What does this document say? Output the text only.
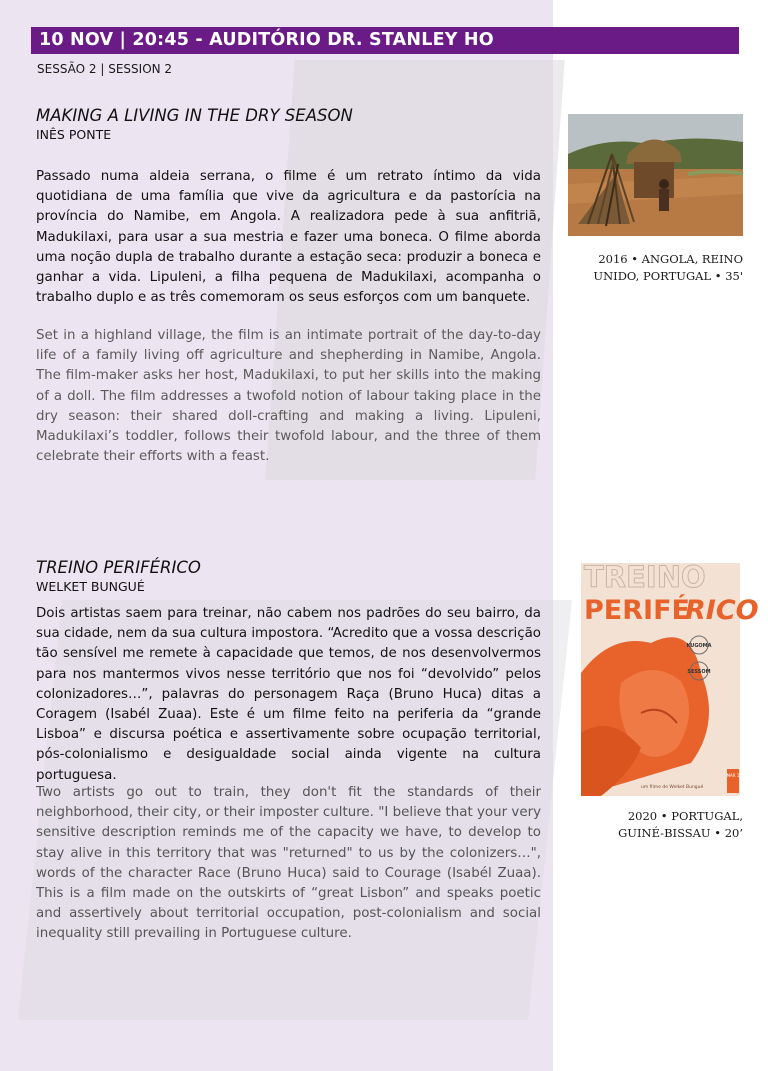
10 NOV | 20:45 - AUDITÓRIO DR. STANLEY HO
SESSÃO 2 | SESSION 2
MAKING A LIVING IN THE DRY SEASON
INÊS PONTE

Passado numa aldeia serrana, o filme é um retrato íntimo da vida quotidiana de uma família que vive da agricultura e da pastorícia na província do Namibe, em Angola. A realizadora pede à sua anfitriã, Madukilaxi, para usar a sua mestria e fazer uma boneca. O filme aborda uma noção dupla de trabalho durante a estação seca: produzir a boneca e ganhar a vida. Lipuleni, a filha pequena de Madukilaxi, acompanha o trabalho duplo e as três comemoram os seus esforços com um banquete.

Set in a highland village, the film is an intimate portrait of the day-to-day life of a family living off agriculture and shepherding in Namibe, Angola. The film-maker asks her host, Madukilaxi, to put her skills into the making of a doll. The film addresses a twofold notion of labour taking place in the dry season: their shared doll-crafting and making a living. Lipuleni, Madukilaxi’s toddler, follows their twofold labour, and the three of them celebrate their efforts with a feast.

2016 • ANGOLA, REINO
UNIDO, PORTUGAL • 35'
TREINO PERIFÉRICO
WELKET BUNGUÉ

Dois artistas saem para treinar, não cabem nos padrões do seu bairro, da sua cidade, nem da sua cultura impostora. “Acredito que a vossa descrição tão sensível me remete à capacidade que temos, de nos desenvolvermos para nos mantermos vivos nesse território que nos foi “devolvido” pelos colonizadores…”, palavras do personagem Raça (Bruno Huca) ditas a Coragem (Isabél Zuaa). Este é um filme feito na periferia da “grande Lisboa” e discursa poética e assertivamente sobre ocupação territorial, pós-colonialismo e desigualdade social ainda vigente na cultura portuguesa.

Two artists go out to train, they don't fit the standards of their neighborhood, their city, or their imposter culture. "I believe that your very sensitive description reminds me of the capacity we have, to develop to stay alive in this territory that was "returned" to us by the colonizers…", words of the character Race (Bruno Huca) said to Courage (Isabél Zuaa). This is a film made on the outskirts of “great Lisbon” and speaks poetic and assertively about territorial occupation, post-colonialism and social inequality still prevailing in Portuguese culture.

TREINO
PERIFÉ
RICO
KUGOMA
SESSOM
um filme de Welket Bungué
MAR 1
2020 • PORTUGAL,
GUINÉ-BISSAU • 20’
